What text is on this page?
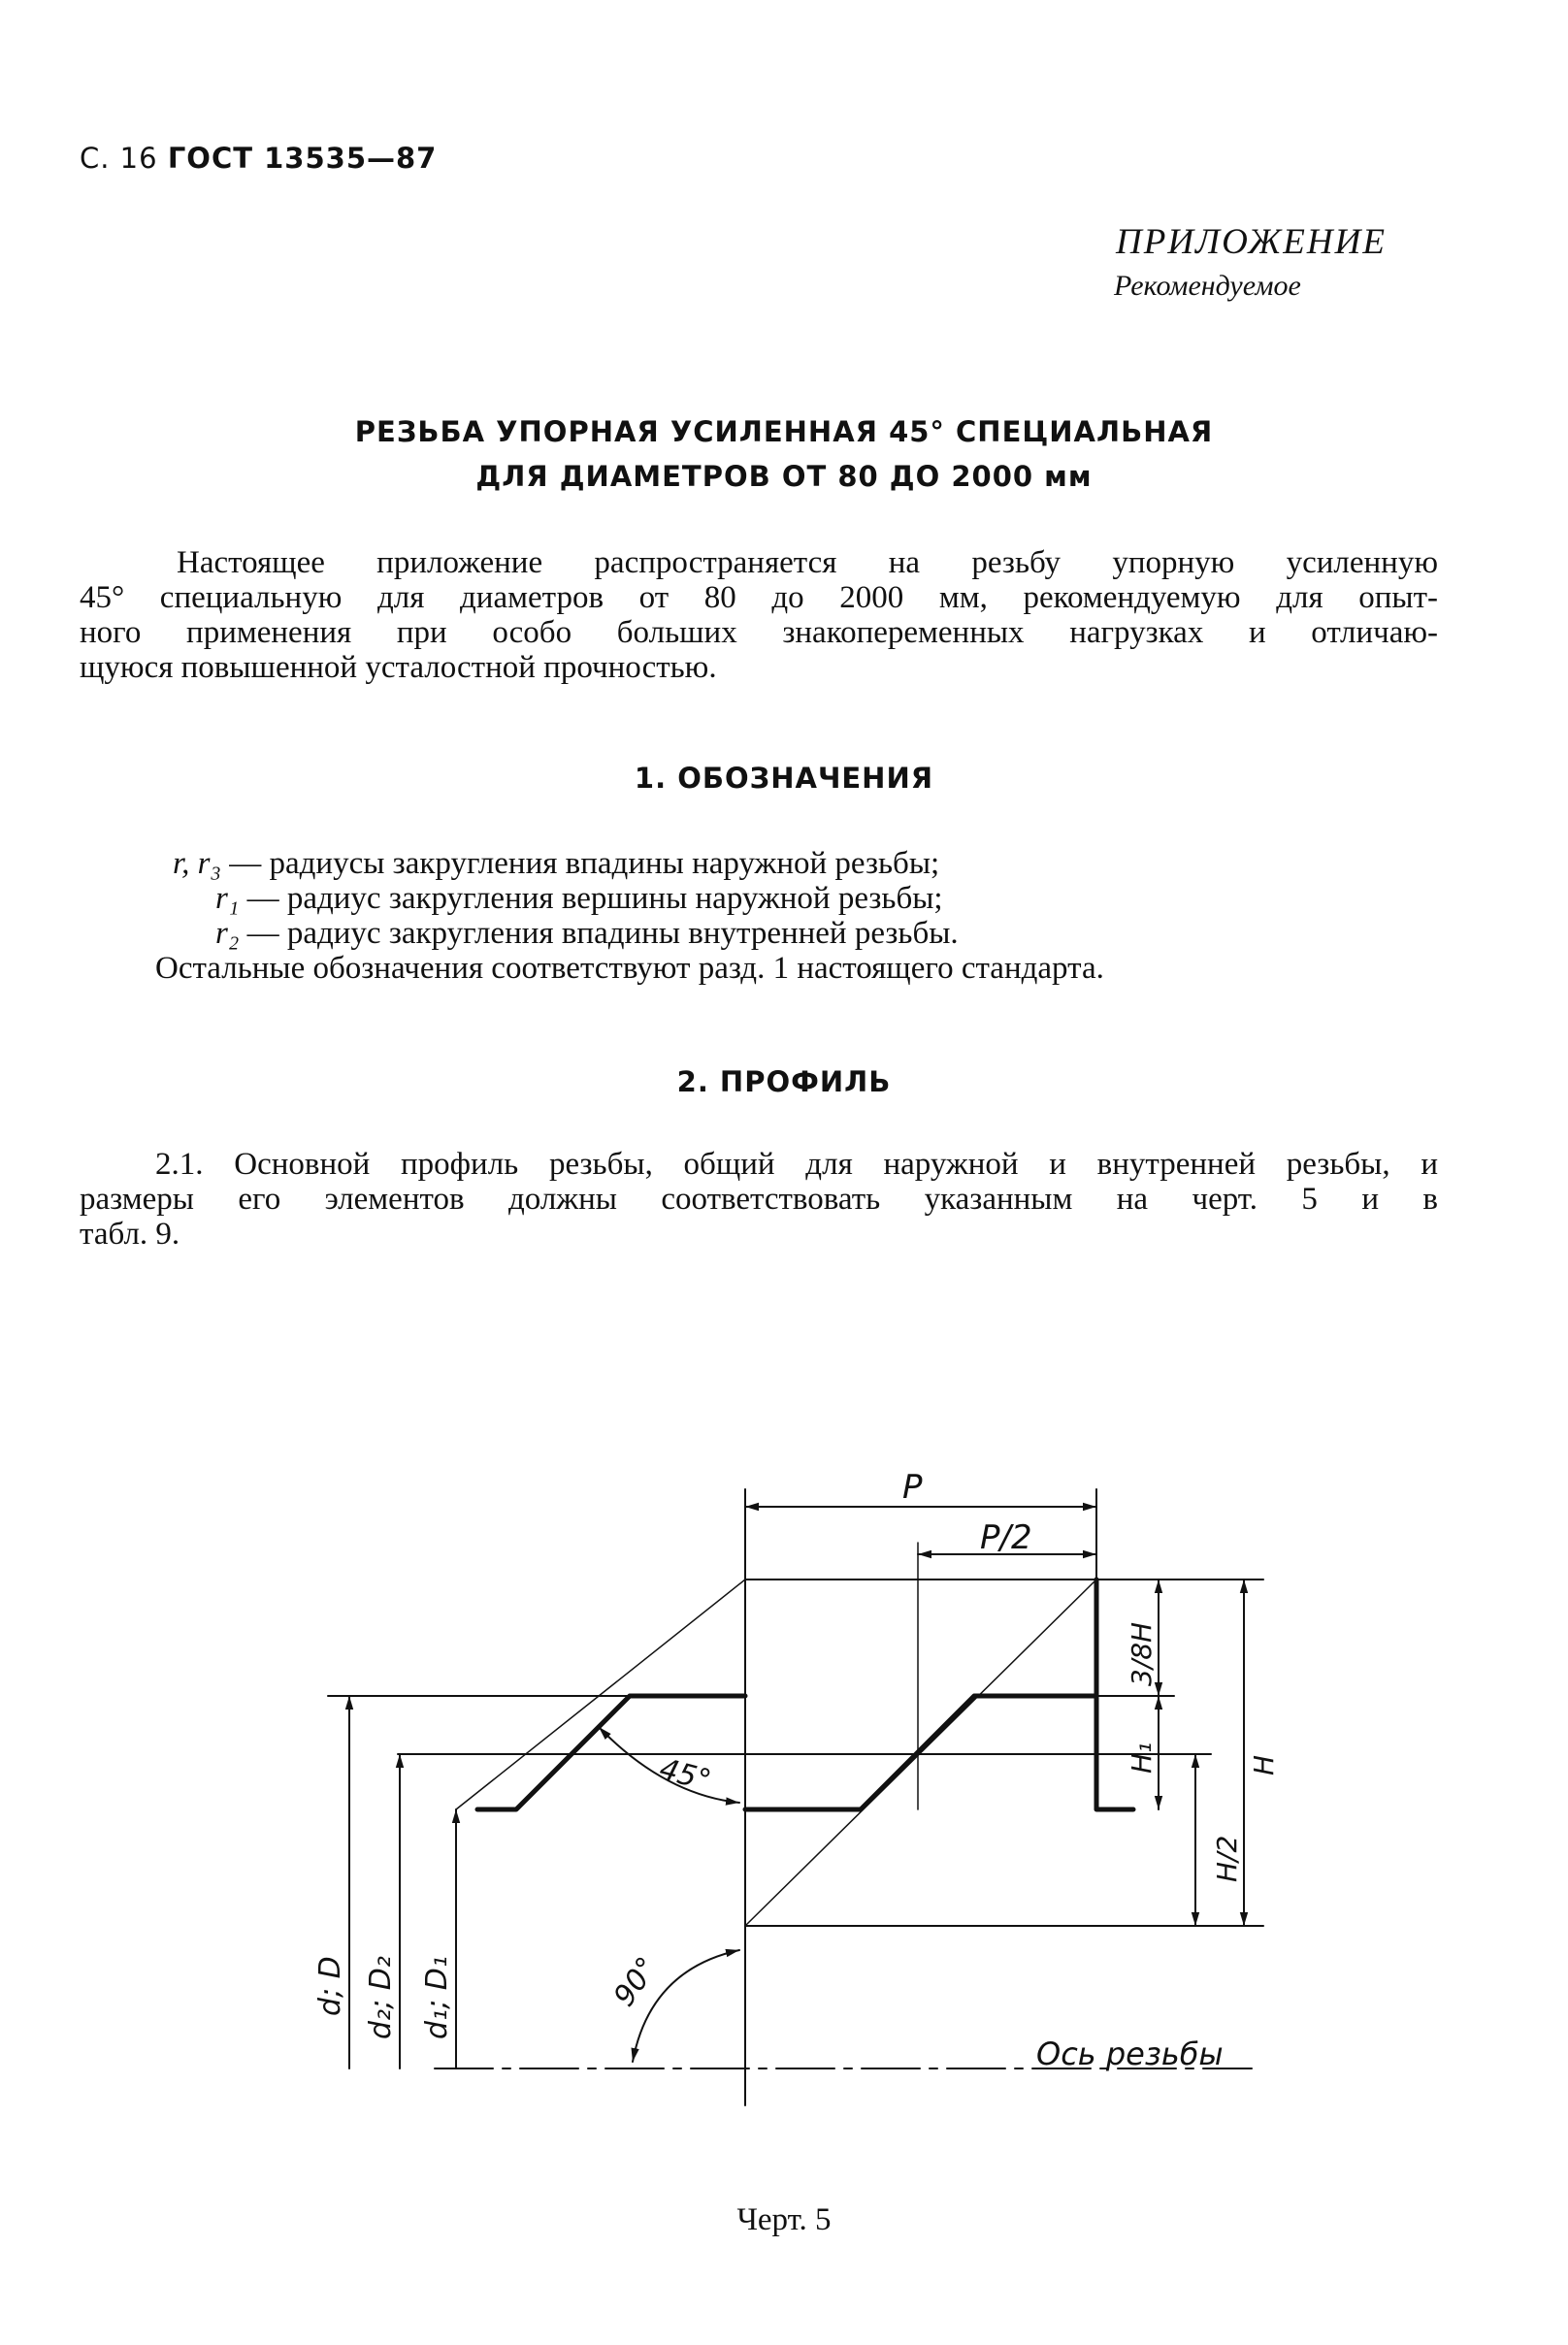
С. 16 ГОСТ 13535—87
ПРИЛОЖЕНИЕ
Рекомендуемое
РЕЗЬБА УПОРНАЯ УСИЛЕННАЯ 45° СПЕЦИАЛЬНАЯ
ДЛЯ ДИАМЕТРОВ ОТ 80 ДО 2000 мм
Настоящее приложение распространяется на резьбу упорную усиленную
45° специальную для диаметров от 80 до 2000 мм, рекомендуемую для опыт-
ного применения при особо больших знакопеременных нагрузках и отличаю-
щуюся повышенной усталостной прочностью.
1. ОБОЗНАЧЕНИЯ
r, r₃ — радиусы закругления впадины наружной резьбы;
r₁ — радиус закругления вершины наружной резьбы;
r₂ — радиус закругления впадины внутренней резьбы.
Остальные обозначения соответствуют разд. 1 настоящего стандарта.
2. ПРОФИЛЬ
2.1. Основной профиль резьбы, общий для наружной и внутренней резьбы, и
размеры его элементов должны соответствовать указанным на черт. 5 и в
табл. 9.
P
P/2
45°
90°
Ось резьбы
3/8H
H₁
H/2
H
d; D d₂; D₂ d₁; D₁
Черт. 5
